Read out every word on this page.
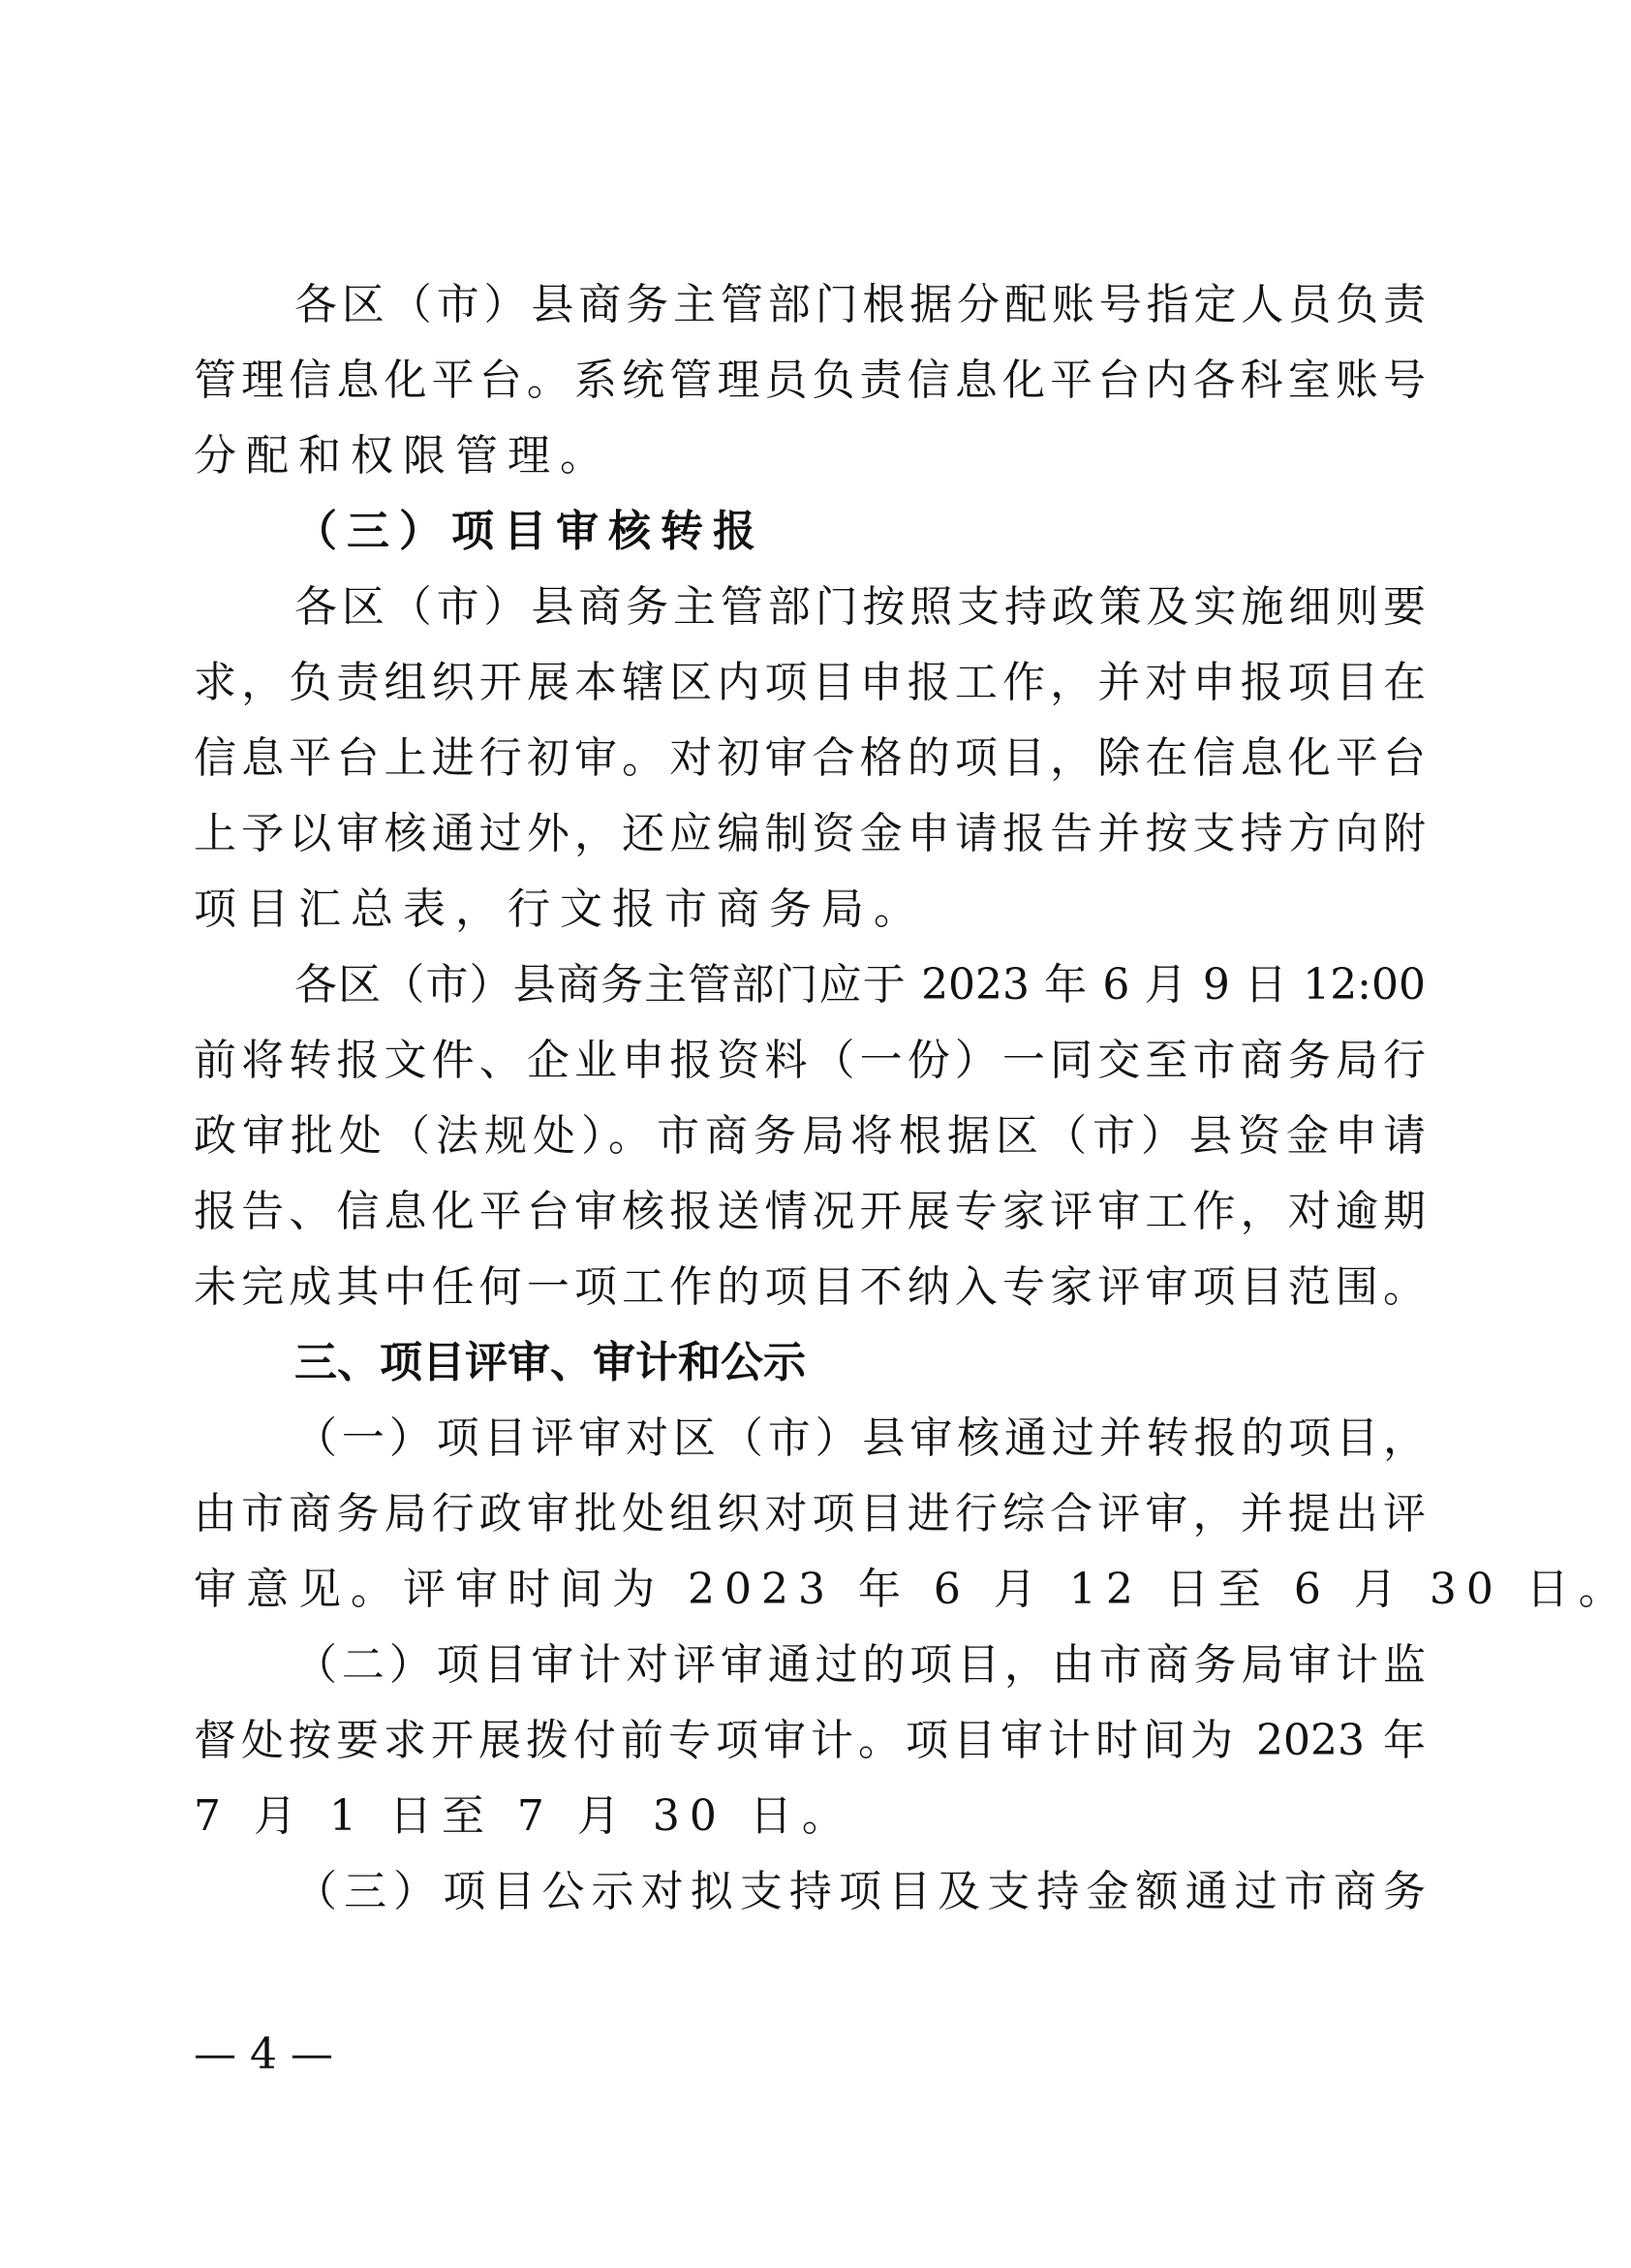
各区（市）县商务主管部门根据分配账号指定人员负责
管理信息化平台。系统管理员负责信息化平台内各科室账号
分配和权限管理。
（三）项目审核转报
各区（市）县商务主管部门按照支持政策及实施细则要
求，负责组织开展本辖区内项目申报工作，并对申报项目在
信息平台上进行初审。对初审合格的项目，除在信息化平台
上予以审核通过外，还应编制资金申请报告并按支持方向附
项目汇总表，行文报市商务局。
各区（市）县商务主管部门应于 2023 年 6 月 9 日 12:00
前将转报文件、企业申报资料（一份）一同交至市商务局行
政审批处（法规处）。市商务局将根据区（市）县资金申请
报告、信息化平台审核报送情况开展专家评审工作，对逾期
未完成其中任何一项工作的项目不纳入专家评审项目范围。
三、项目评审、审计和公示
（一）项目评审对区（市）县审核通过并转报的项目，
由市商务局行政审批处组织对项目进行综合评审，并提出评
审意见。评审时间为 2023 年 6 月 12 日至 6 月 30 日。
（二）项目审计对评审通过的项目，由市商务局审计监
督处按要求开展拨付前专项审计。项目审计时间为 2023 年
7 月 1 日至 7 月 30 日。
（三）项目公示对拟支持项目及支持金额通过市商务
— 4 —
